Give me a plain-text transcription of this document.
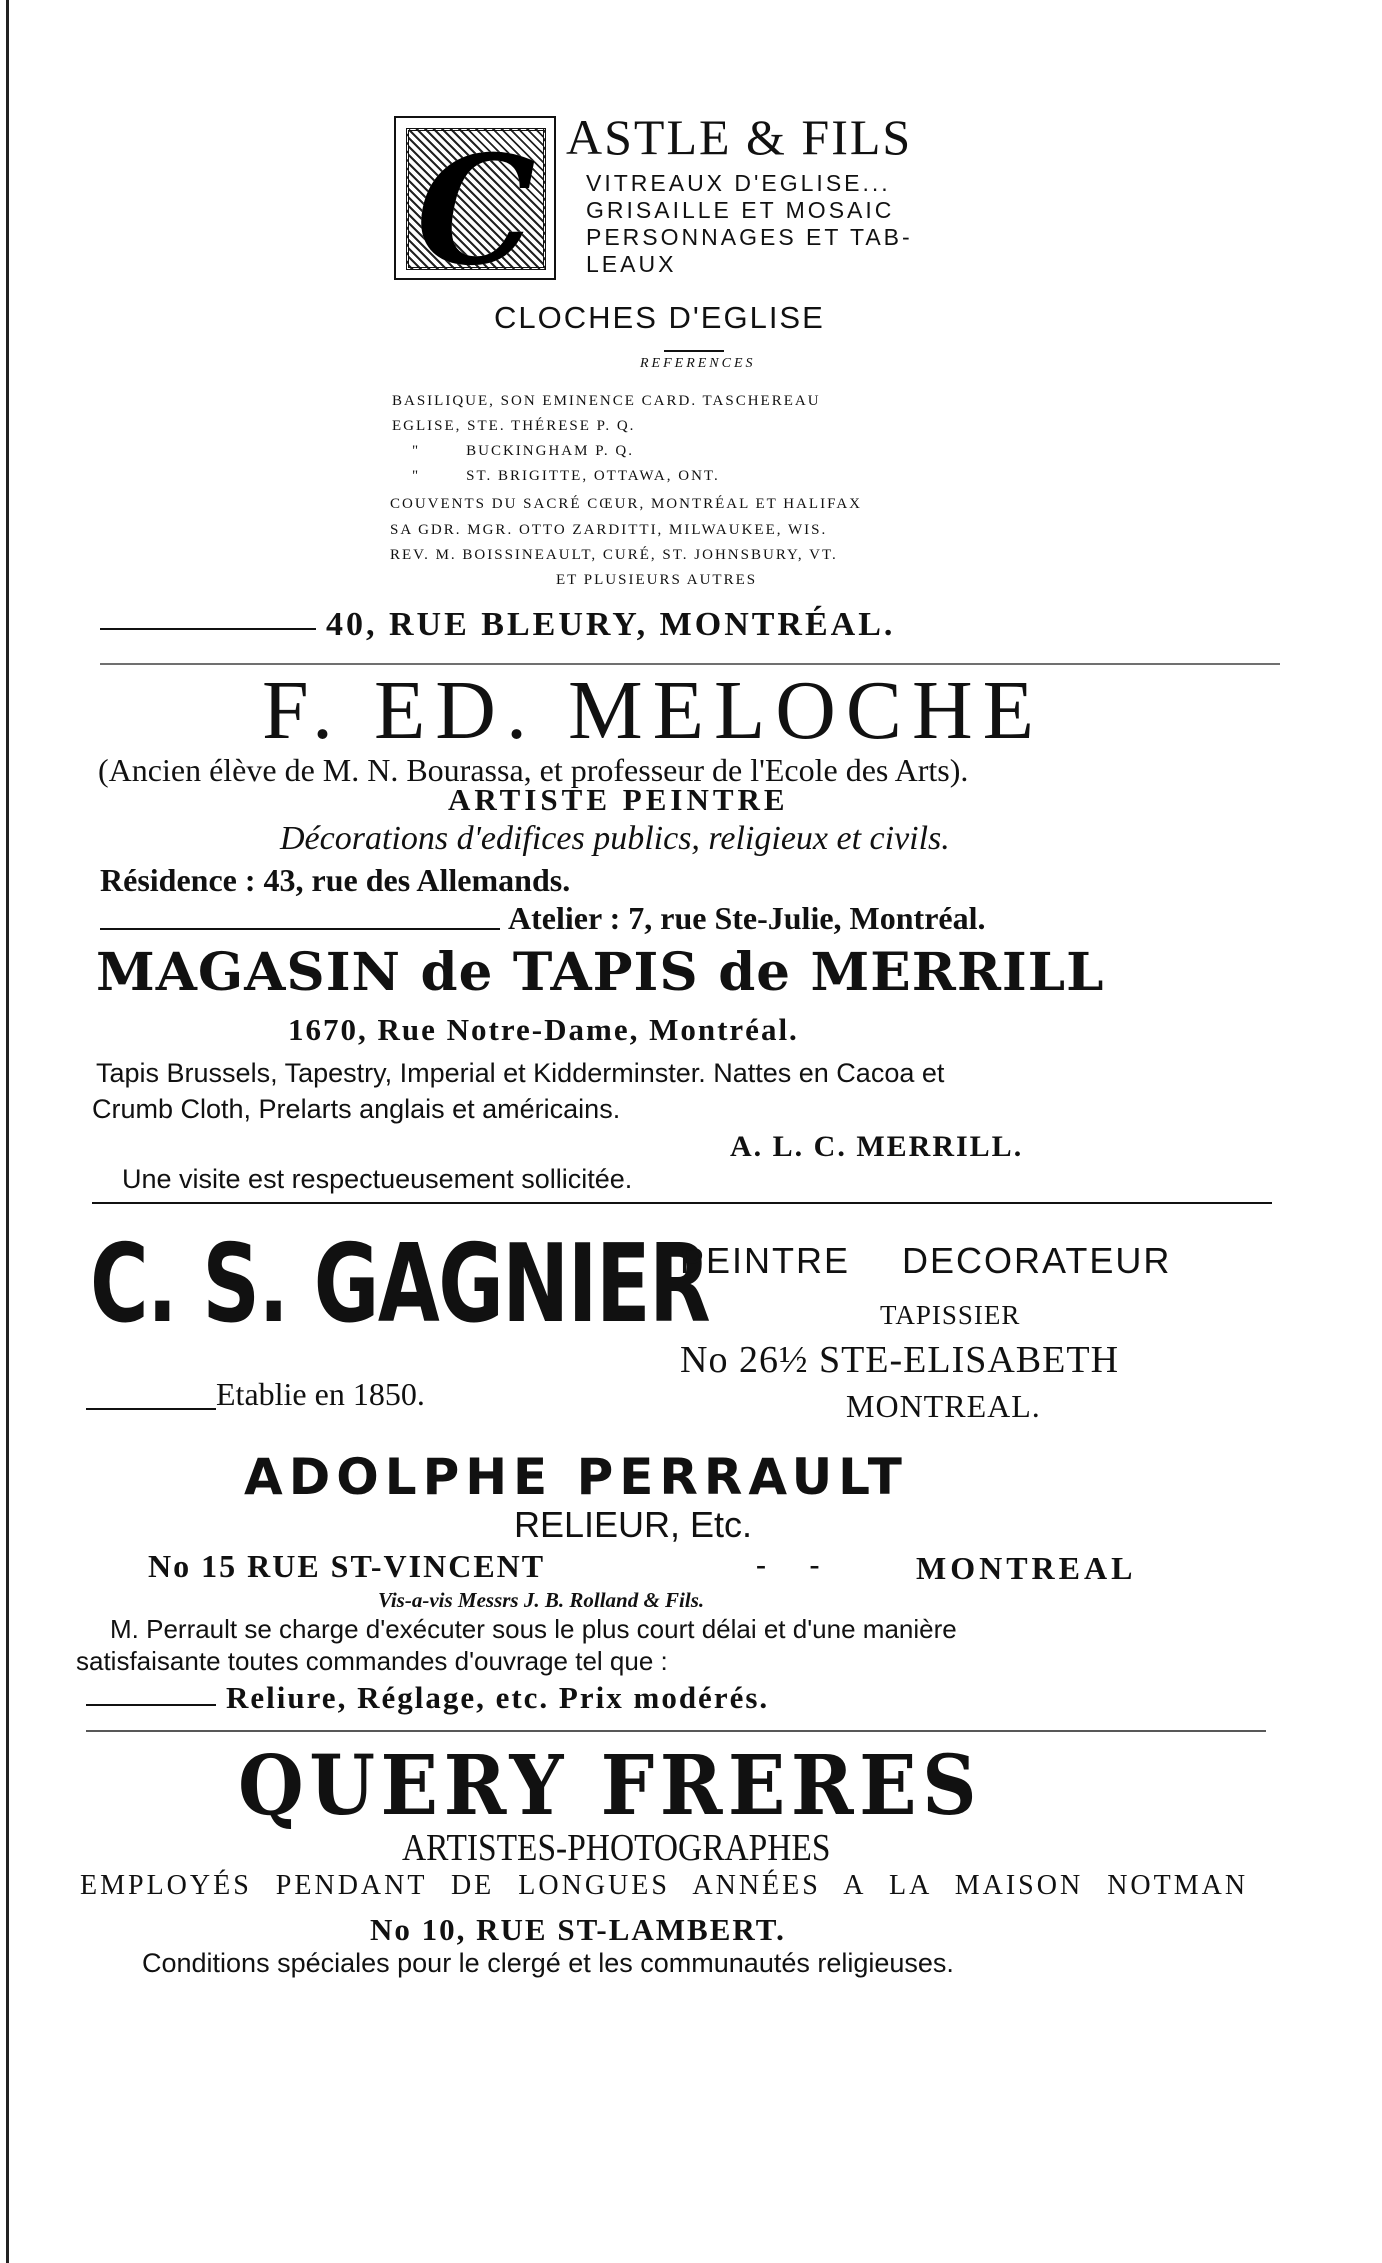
C ASTLE & FILS
VITREAUX D'EGLISE...
GRISAILLE ET MOSAIC
PERSONNAGES ET TAB-
LEAUX
CLOCHES D'EGLISE
REFERENCES
BASILIQUE, SON EMINENCE CARD. TASCHEREAU
EGLISE, STE. THÉRESE P. Q.
"        BUCKINGHAM P. Q.
"        ST. BRIGITTE, OTTAWA, ONT.
COUVENTS DU SACRÉ CŒUR, MONTRÉAL ET HALIFAX
SA GDR. MGR. OTTO ZARDITTI, MILWAUKEE, WIS.
REV. M. BOISSINEAULT, CURÉ, ST. JOHNSBURY, VT.
ET PLUSIEURS AUTRES
40, RUE BLEURY, MONTRÉAL.
F. ED. MELOCHE
(Ancien élève de M. N. Bourassa, et professeur de l'Ecole des Arts).
ARTISTE PEINTRE
Décorations d'edifices publics, religieux et civils.
Résidence : 43, rue des Allemands.
Atelier : 7, rue Ste-Julie, Montréal.
MAGASIN de TAPIS de MERRILL
1670, Rue Notre-Dame, Montréal.
Tapis Brussels, Tapestry, Imperial et Kidderminster. Nattes en Cacoa et
Crumb Cloth, Prelarts anglais et américains.
A. L. C. MERRILL.
Une visite est respectueusement sollicitée.
C. S. GAGNIER
Etablie en 1850.
PEINTRE DECORATEUR
TAPISSIER
No 26½ STE-ELISABETH
MONTREAL.
ADOLPHE PERRAULT
RELIEUR, Etc.
No 15 RUE ST-VINCENT	- - MONTREAL
Vis-a-vis Messrs J. B. Rolland & Fils.
M. Perrault se charge d'exécuter sous le plus court délai et d'une manière
satisfaisante toutes commandes d'ouvrage tel que :
Reliure, Réglage, etc. Prix modérés.
QUERY FRERES
ARTISTES-PHOTOGRAPHES
EMPLOYÉS PENDANT DE LONGUES ANNÉES A LA MAISON NOTMAN
No 10, RUE ST-LAMBERT.
Conditions spéciales pour le clergé et les communautés religieuses.
